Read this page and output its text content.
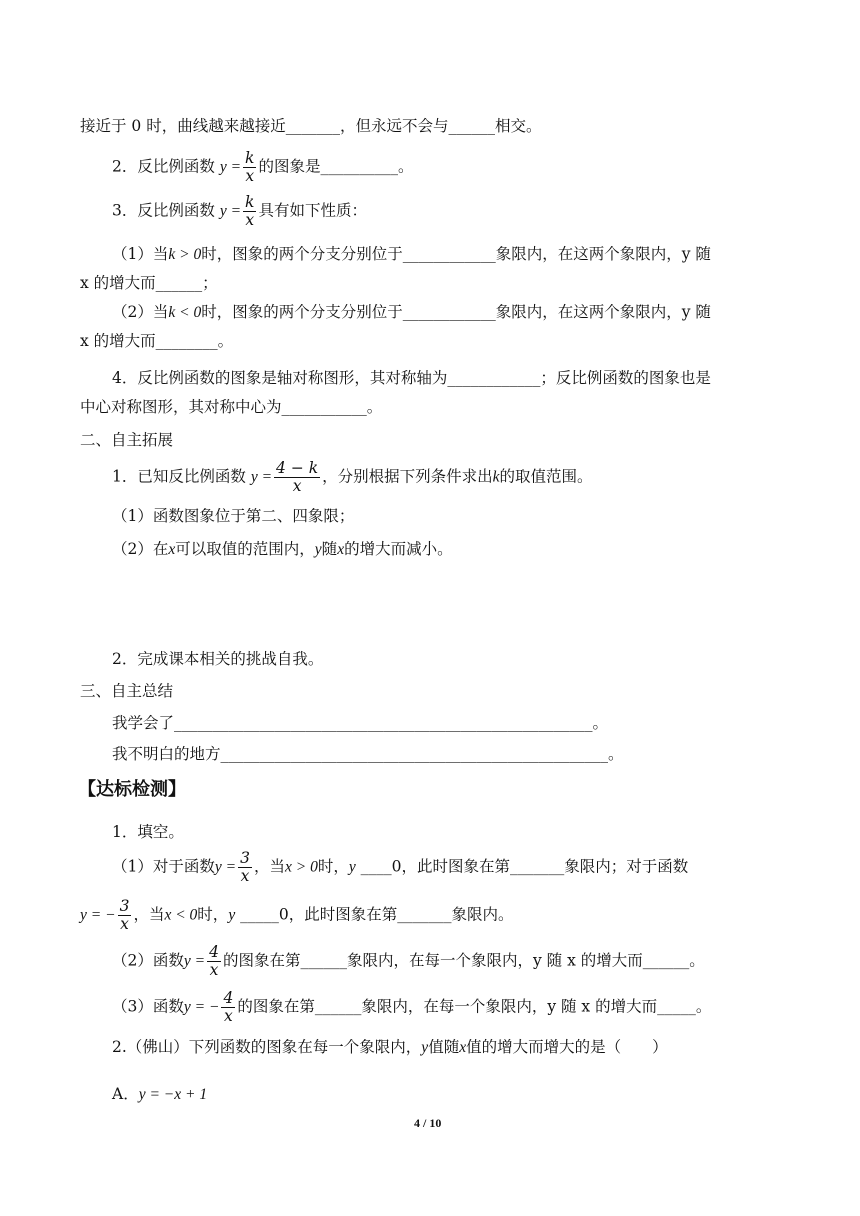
接近于 0 时，曲线越来越接近_______，但永远不会与______相交。
2．反比例函数 $y = \frac{k}{x}$ 的图象是__________。
3．反比例函数 $y = \frac{k}{x}$ 具有如下性质：
（1）当k > 0时，图象的两个分支分别位于____________象限内，在这两个象限内，y 随
x 的增大而______；
（2）当k < 0时，图象的两个分支分别位于____________象限内，在这两个象限内，y 随
x 的增大而________。
4．反比例函数的图象是轴对称图形，其对称轴为____________；反比例函数的图象也是
中心对称图形，其对称中心为___________。
二、自主拓展
1．已知反比例函数 $y = \frac{4 - k}{x}$ ，分别根据下列条件求出k的取值范围。
（1）函数图象位于第二、四象限；
（2）在x可以取值的范围内，y随x的增大而减小。
2．完成课本相关的挑战自我。
三、自主总结
我学会了______________________________________________________。
我不明白的地方__________________________________________________。
【达标检测】
1．填空。
（1）对于函数$y = \frac{3}{x}$ ，当x > 0时，y ____0，此时图象在第_______象限内；对于函数
y = − $\frac{3}{x}$ ，当x < 0时，y _____0，此时图象在第_______象限内。
（2）函数$y = \frac{4}{x}$ 的图象在第______象限内，在每一个象限内，y 随 x 的增大而______。
（3）函数y = − $\frac{4}{x}$ 的图象在第______象限内，在每一个象限内，y 随 x 的增大而_____。
2.（佛山）下列函数的图象在每一个象限内，y值随x值的增大而增大的是（　　）
A．y = −x + 1
4 / 10
